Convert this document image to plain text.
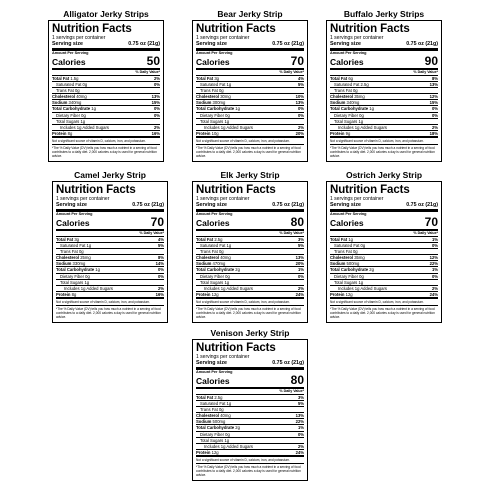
Alligator Jerky Strips
Nutrition Facts
1 servings per container
Serving size	0.75 oz (21g)
Amount Per Serving
Calories	50
% Daily Value*
Total Fat 1.5g	2%
Saturated Fat 0g	0%
Trans Fat 0g
Cholesterol 40mg	13%
Sodium 340mg	15%
Total Carbohydrate 1g	0%
Dietary Fiber 0g	0%
Total Sugars 1g
Includes 1g Added Sugars	2%
Protein 8g	16%
Not a significant source of vitamin D, calcium, iron, and potassium.
*The % Daily Value (DV) tells you how much a nutrient in a serving of food contributes to a daily diet. 2,000 calories a day is used for general nutrition advice.
Bear Jerky Strip
Nutrition Facts
1 servings per container
Serving size	0.75 oz (21g)
Amount Per Serving
Calories	70
% Daily Value*
Total Fat 3g	4%
Saturated Fat 1g	5%
Trans Fat 0g
Cholesterol 30mg	10%
Sodium 300mg	13%
Total Carbohydrate 1g	0%
Dietary Fiber 0g	0%
Total Sugars 1g
Includes 1g Added Sugars	2%
Protein 10g	20%
Not a significant source of vitamin D, calcium, iron, and potassium.
*The % Daily Value (DV) tells you how much a nutrient in a serving of food contributes to a daily diet. 2,000 calories a day is used for general nutrition advice.
Buffalo Jerky Strips
Nutrition Facts
1 servings per container
Serving size	0.75 oz (21g)
Amount Per Serving
Calories	90
% Daily Value*
Total Fat 6g	8%
Saturated Fat 2.5g	13%
Trans Fat 0g
Cholesterol 35mg	12%
Sodium 340mg	15%
Total Carbohydrate 1g	0%
Dietary Fiber 0g	0%
Total Sugars 1g
Includes 1g Added Sugars	2%
Protein 9g	18%
Not a significant source of vitamin D, calcium, iron, and potassium.
*The % Daily Value (DV) tells you how much a nutrient in a serving of food contributes to a daily diet. 2,000 calories a day is used for general nutrition advice.
Camel Jerky Strip
Nutrition Facts
1 servings per container
Serving size	0.75 oz (21g)
Amount Per Serving
Calories	70
% Daily Value*
Total Fat 3g	4%
Saturated Fat 1g	5%
Trans Fat 0g
Cholesterol 25mg	8%
Sodium 330mg	14%
Total Carbohydrate 1g	0%
Dietary Fiber 0g	0%
Total Sugars 1g
Includes 1g Added Sugars	2%
Protein 8g	16%
Not a significant source of vitamin D, calcium, iron, and potassium.
*The % Daily Value (DV) tells you how much a nutrient in a serving of food contributes to a daily diet. 2,000 calories a day is used for general nutrition advice.
Elk Jerky Strip
Nutrition Facts
1 servings per container
Serving size	0.75 oz (21g)
Amount Per Serving
Calories	80
% Daily Value*
Total Fat 2.5g	3%
Saturated Fat 1g	5%
Trans Fat 0g
Cholesterol 40mg	13%
Sodium 470mg	20%
Total Carbohydrate 2g	1%
Dietary Fiber 0g	0%
Total Sugars 1g
Includes 1g Added Sugars	2%
Protein 12g	24%
Not a significant source of vitamin D, calcium, iron, and potassium.
*The % Daily Value (DV) tells you how much a nutrient in a serving of food contributes to a daily diet. 2,000 calories a day is used for general nutrition advice.
Ostrich Jerky Strip
Nutrition Facts
1 servings per container
Serving size	0.75 oz (21g)
Amount Per Serving
Calories	70
% Daily Value*
Total Fat 1g	1%
Saturated Fat 0g	0%
Trans Fat 0g
Cholesterol 35mg	12%
Sodium 500mg	22%
Total Carbohydrate 2g	1%
Dietary Fiber 0g	0%
Total Sugars 1g
Includes 1g Added Sugars	2%
Protein 12g	24%
Not a significant source of vitamin D, calcium, iron, and potassium.
*The % Daily Value (DV) tells you how much a nutrient in a serving of food contributes to a daily diet. 2,000 calories a day is used for general nutrition advice.
Venison Jerky Strip
Nutrition Facts
1 servings per container
Serving size	0.75 oz (21g)
Amount Per Serving
Calories	80
% Daily Value*
Total Fat 2.5g	3%
Saturated Fat 1g	5%
Trans Fat 0g
Cholesterol 40mg	13%
Sodium 500mg	22%
Total Carbohydrate 2g	1%
Dietary Fiber 0g	0%
Total Sugars 1g
Includes 1g Added Sugars	2%
Protein 12g	24%
Not a significant source of vitamin D, calcium, iron, and potassium.
*The % Daily Value (DV) tells you how much a nutrient in a serving of food contributes to a daily diet. 2,000 calories a day is used for general nutrition advice.
